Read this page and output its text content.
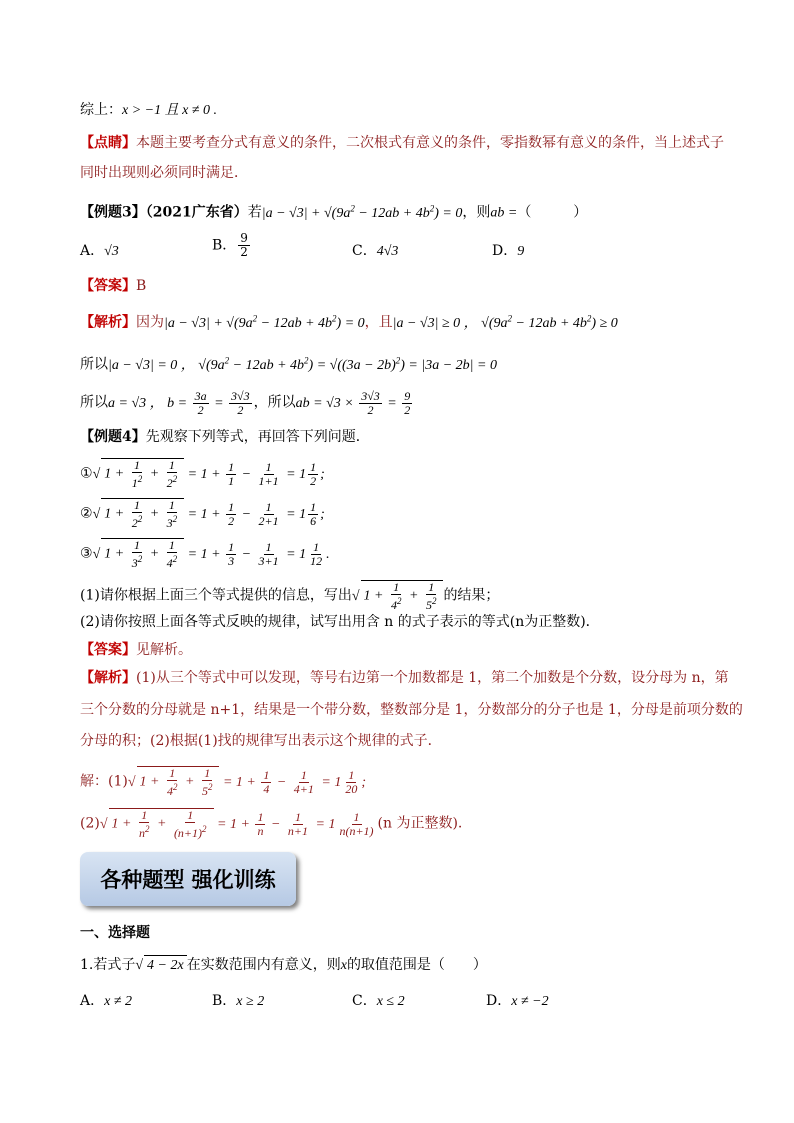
综上：x > −1 且 x ≠ 0 .
【点睛】本题主要考查分式有意义的条件，二次根式有意义的条件，零指数幂有意义的条件，当上述式子
同时出现则必须同时满足．
【例题3】（2021广东省）若$|a - √3| + √(9a^2 - 12ab + 4b^2) = 0$，则ab =（　　　）
A．√3	B． $\frac{9}{2}$	C．4√3	D．9
【答案】B
【解析】因为$|a - √3| + √(9a^2 - 12ab + 4b^2) = 0$，且|a − √3| ≥ 0 ， $√(9a^2 - 12ab + 4b^2) \ge 0$
所以|a − √3| = 0 ， $√(9a^2 - 12ab + 4b^2) = √((3a - 2b)^2) = |3a - 2b| = 0$
所以a = √3 ， $b = \frac{3a}{2} = \frac{3√3}{2}$ ，所以ab = $√3 \times \frac{3√3}{2} = \frac{9}{2}$
【例题4】先观察下列等式，再回答下列问题．
①√ $1 + \frac{1}{1^2} + \frac{1}{2^2} = 1 + \frac{1}{1} - \frac{1}{1+1} = 1 \frac{1}{2}$ ;
②√ $1 + \frac{1}{2^2} + \frac{1}{3^2} = 1 + \frac{1}{2} - \frac{1}{2+1} = 1 \frac{1}{6}$ ;
③√ $1 + \frac{1}{3^2} + \frac{1}{4^2} = 1 + \frac{1}{3} - \frac{1}{3+1} = 1 \frac{1}{12}$ .
(1)请你根据上面三个等式提供的信息，写出√ $1 + \frac{1}{4^2} + \frac{1}{5^2}$ 的结果；
(2)请你按照上面各等式反映的规律，试写出用含 n 的式子表示的等式(n为正整数)．
【答案】见解析。
【解析】(1)从三个等式中可以发现，等号右边第一个加数都是 1，第二个加数是个分数，设分母为 n，第
三个分数的分母就是 n+1，结果是一个带分数，整数部分是 1，分数部分的分子也是 1，分母是前项分数的
分母的积；(2)根据(1)找的规律写出表示这个规律的式子．
解：(1)√ $1 + \frac{1}{4^2} + \frac{1}{5^2} = 1 + \frac{1}{4} - \frac{1}{4+1} = 1 \frac{1}{20}$ ;
(2)√ $1 + \frac{1}{n^2} + \frac{1}{(n+1)^2} = 1 + \frac{1}{n} - \frac{1}{n+1} = 1 \frac{1}{n(n+1)} (n$ 为正整数).
各种题型 强化训练
一、选择题
1.若式子√ 4 − 2x 在实数范围内有意义，则x的取值范围是（　　）
A．x ≠ 2	B．x ≥ 2	C．x ≤ 2	D．x ≠ −2
